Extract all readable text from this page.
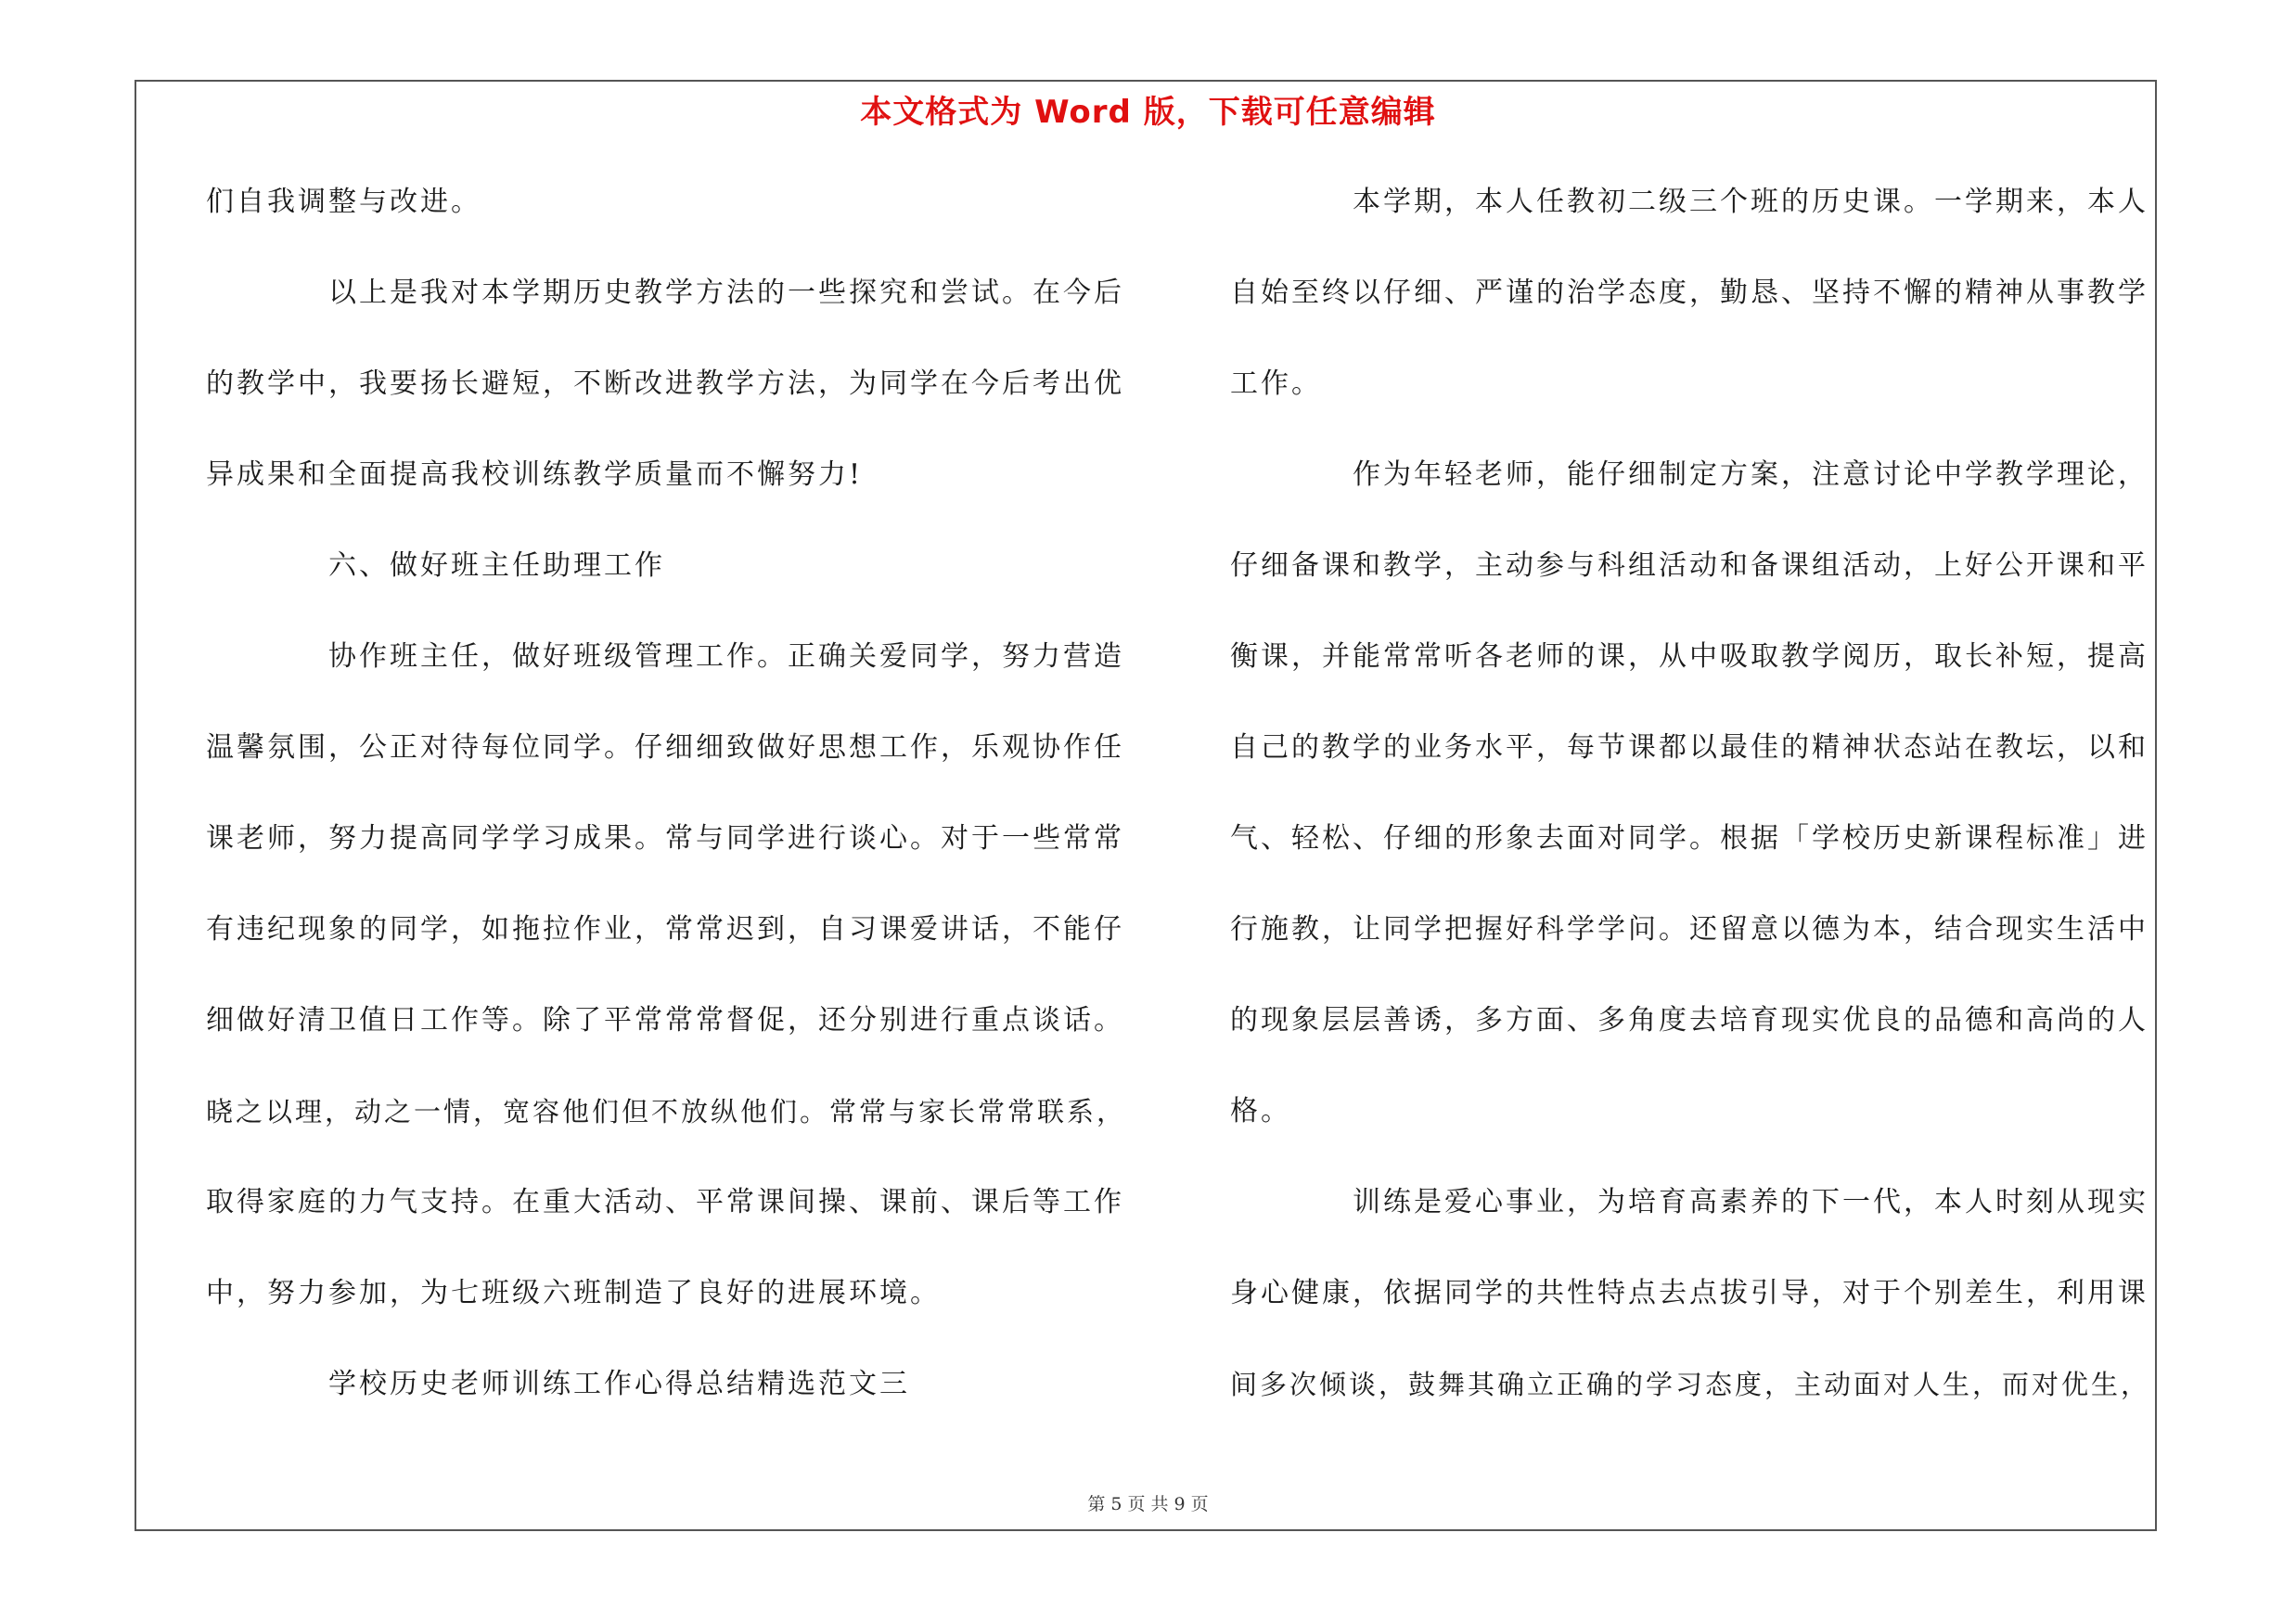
本文格式为 Word 版，下载可任意编辑
们自我调整与改进。
以上是我对本学期历史教学方法的一些探究和尝试。在今后
的教学中，我要扬长避短，不断改进教学方法，为同学在今后考出优
异成果和全面提高我校训练教学质量而不懈努力!
六、做好班主任助理工作
协作班主任，做好班级管理工作。正确关爱同学，努力营造
温馨氛围，公正对待每位同学。仔细细致做好思想工作，乐观协作任
课老师，努力提高同学学习成果。常与同学进行谈心。对于一些常常
有违纪现象的同学，如拖拉作业，常常迟到，自习课爱讲话，不能仔
细做好清卫值日工作等。除了平常常常督促，还分别进行重点谈话。
晓之以理，动之一情，宽容他们但不放纵他们。常常与家长常常联系，
取得家庭的力气支持。在重大活动、平常课间操、课前、课后等工作
中，努力参加，为七班级六班制造了良好的进展环境。
学校历史老师训练工作心得总结精选范文三
本学期，本人任教初二级三个班的历史课。一学期来，本人
自始至终以仔细、严谨的治学态度，勤恳、坚持不懈的精神从事教学
工作。
作为年轻老师，能仔细制定方案，注意讨论中学教学理论，
仔细备课和教学，主动参与科组活动和备课组活动，上好公开课和平
衡课，并能常常听各老师的课，从中吸取教学阅历，取长补短，提高
自己的教学的业务水平，每节课都以最佳的精神状态站在教坛，以和
气、轻松、仔细的形象去面对同学。根据「学校历史新课程标准」进
行施教，让同学把握好科学学问。还留意以德为本，结合现实生活中
的现象层层善诱，多方面、多角度去培育现实优良的品德和高尚的人
格。
训练是爱心事业，为培育高素养的下一代，本人时刻从现实
身心健康，依据同学的共性特点去点拔引导，对于个别差生，利用课
间多次倾谈，鼓舞其确立正确的学习态度，主动面对人生，而对优生，
第 5 页 共 9 页
